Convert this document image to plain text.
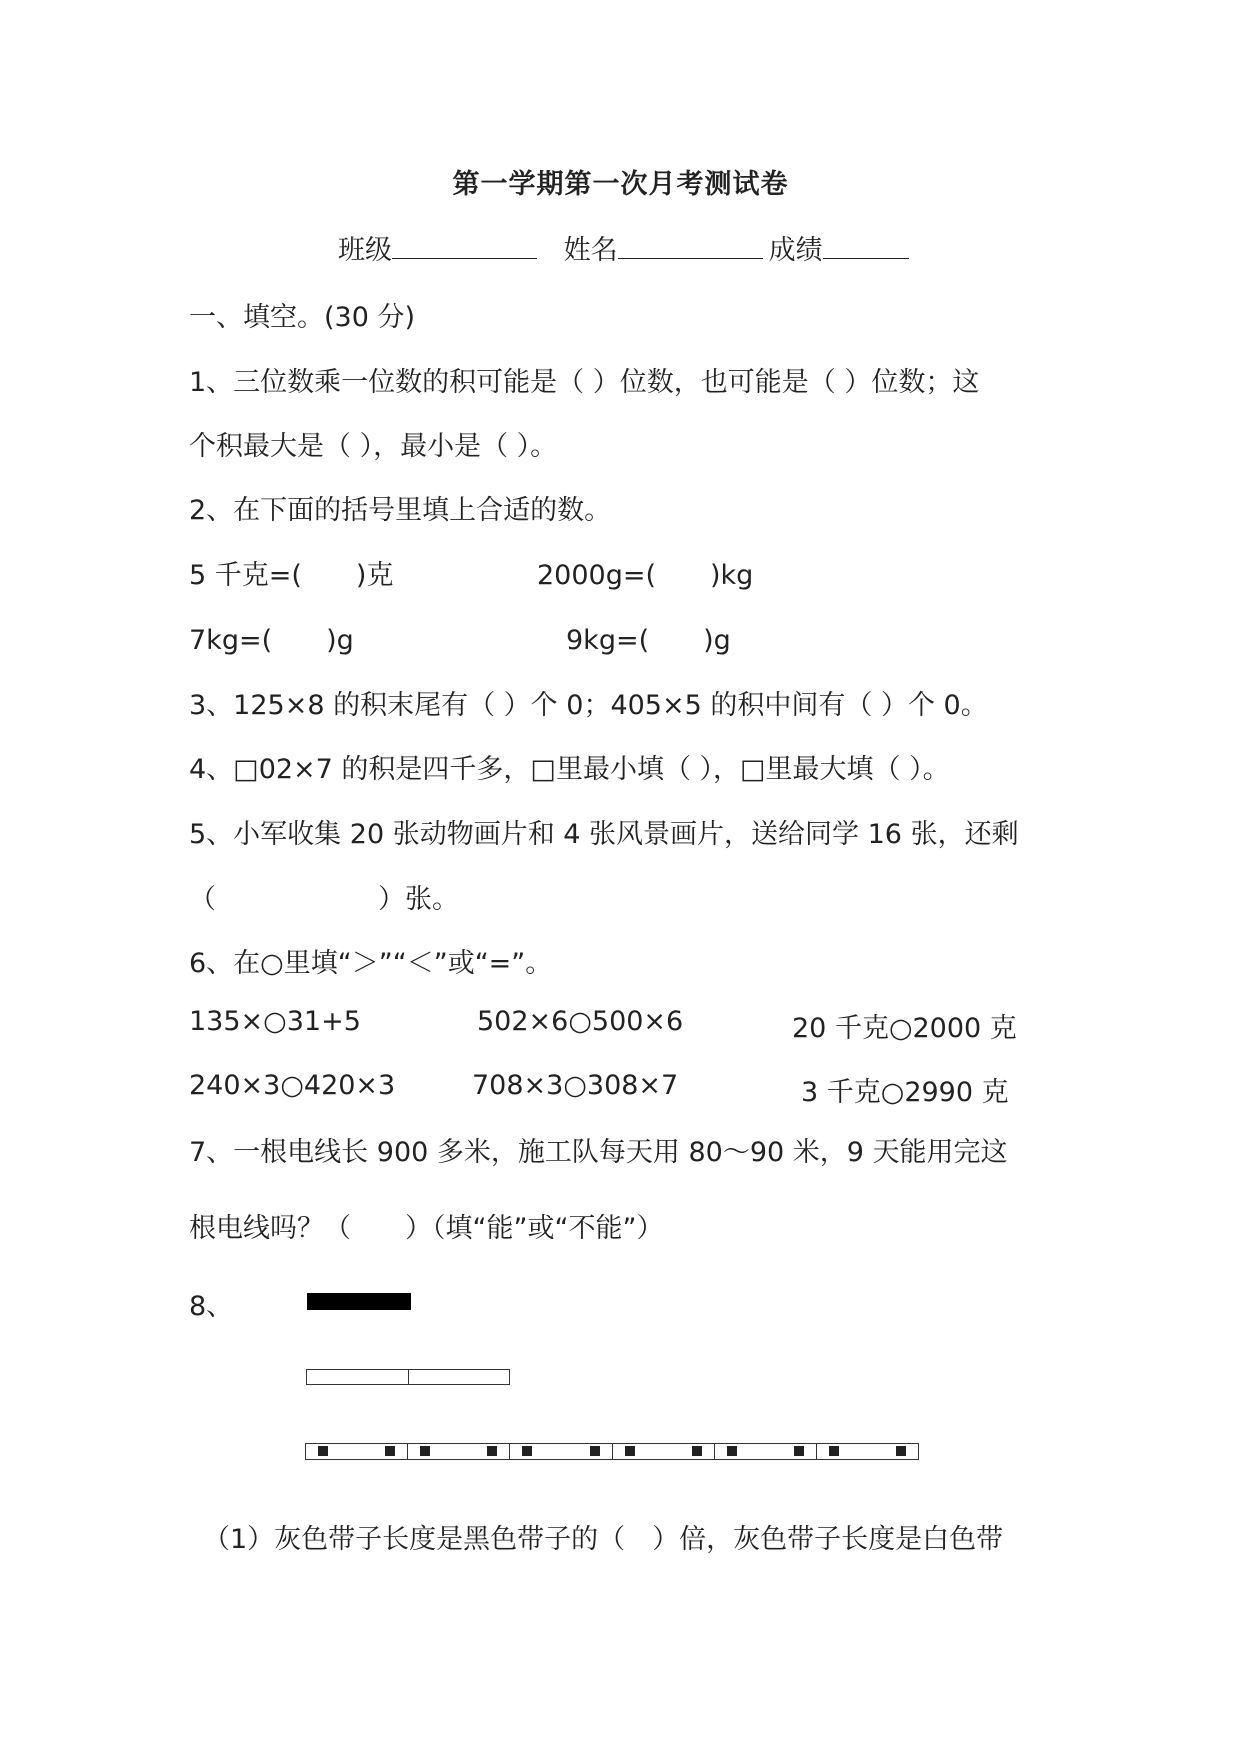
第一学期第一次月考测试卷
班级	姓名	成绩
一、填空。(30 分)
1、三位数乘一位数的积可能是（ ）位数，也可能是（ ）位数；这
个积最大是（ ），最小是（ ）。
2、在下面的括号里填上合适的数。
5 千克=(　　)克	2000g=(　　)kg
7kg=(　　)g	9kg=(　　)g
3、125×8 的积末尾有（ ）个 0；405×5 的积中间有（ ）个 0。
4、□02×7 的积是四千多，□里最小填（ ），□里最大填（ ）。
5、小军收集 20 张动物画片和 4 张风景画片，送给同学 16 张，还剩
（　　　　　　）张。
6、在○里填“＞”“＜”或“=”。
135×○31+5	502×6○500×6	20 千克○2000 克
240×3○420×3	708×3○308×7	3 千克○2990 克
7、一根电线长 900 多米，施工队每天用 80～90 米，9 天能用完这
根电线吗？（　　）（填“能”或“不能”）
8、
（1）灰色带子长度是黑色带子的（　）倍，灰色带子长度是白色带
